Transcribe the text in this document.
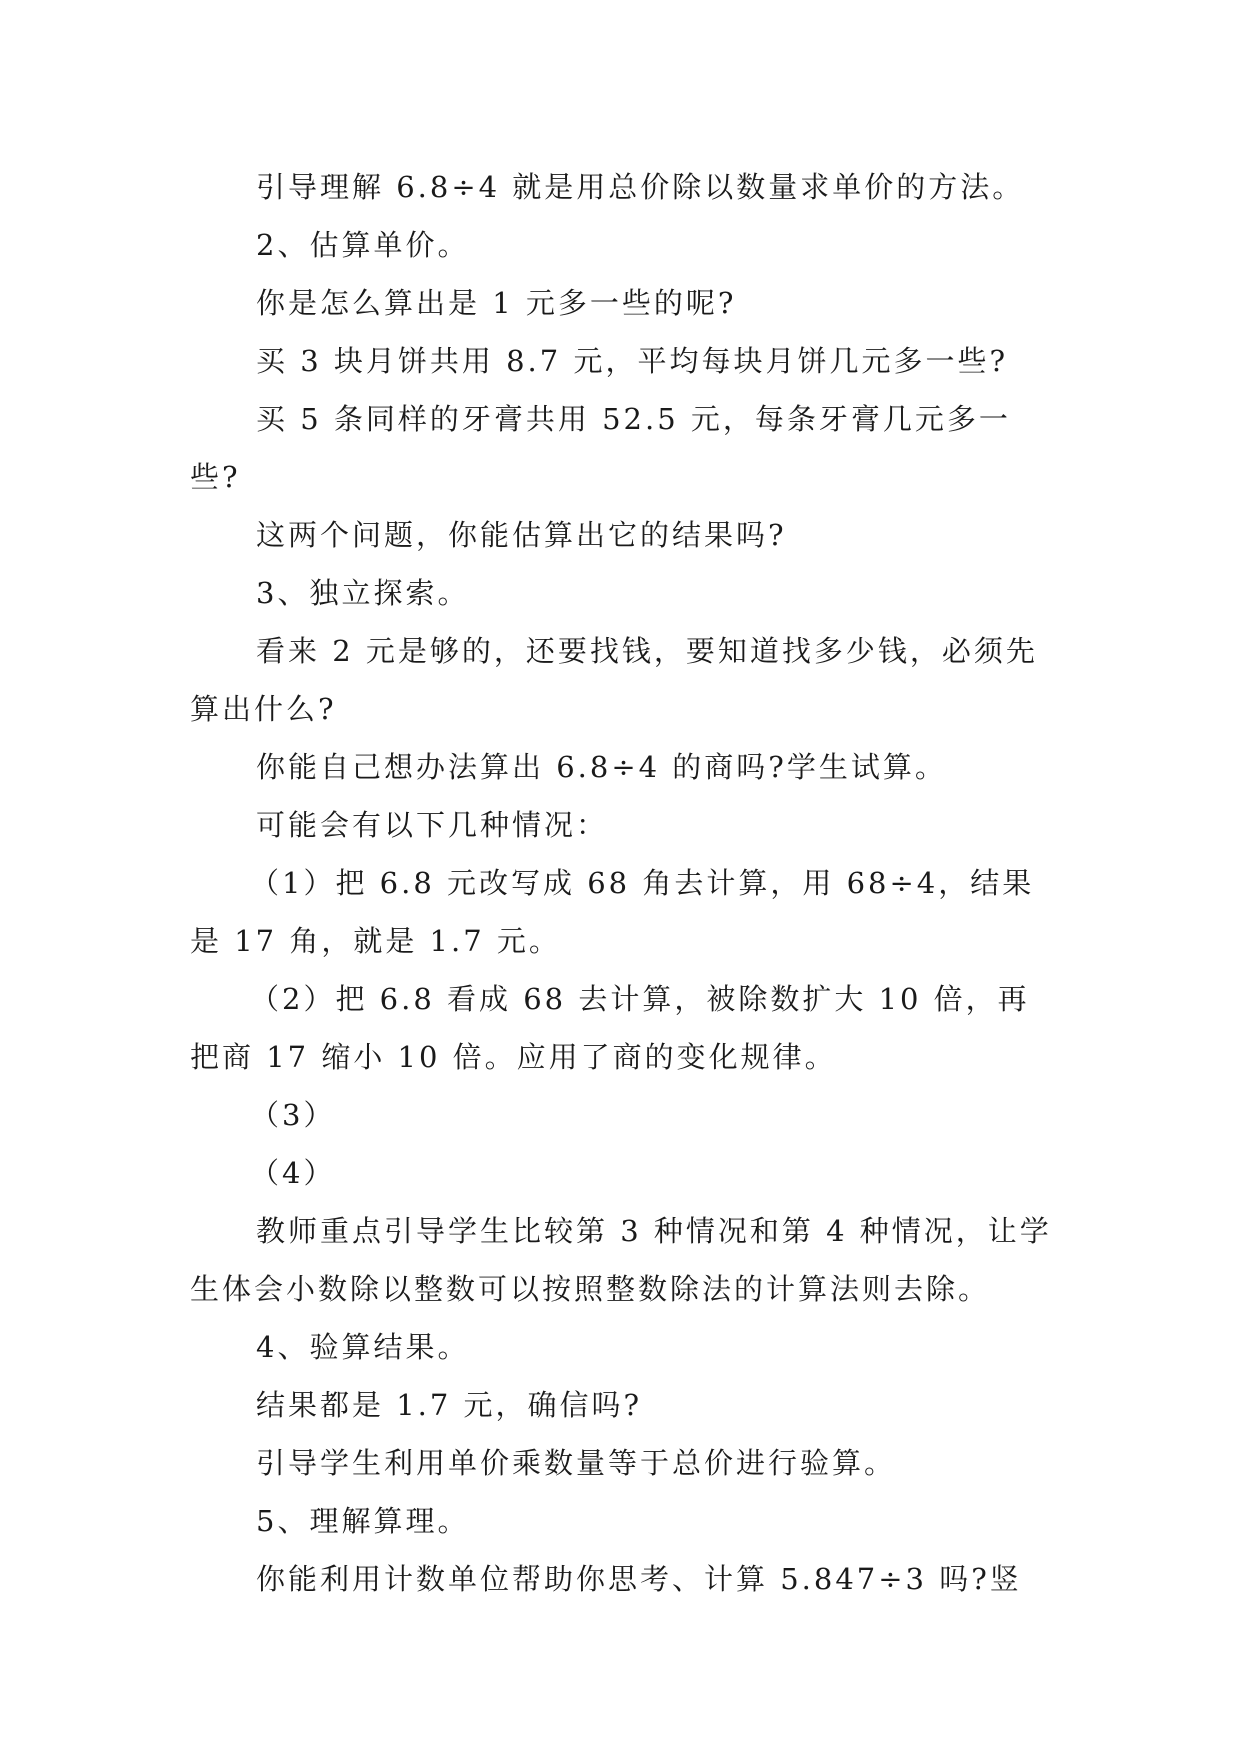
引导理解 6.8÷4 就是用总价除以数量求单价的方法。

2、估算单价。

你是怎么算出是 1 元多一些的呢?

买 3 块月饼共用 8.7 元，平均每块月饼几元多一些?

买 5 条同样的牙膏共用 52.5 元，每条牙膏几元多一些?

这两个问题，你能估算出它的结果吗?

3、独立探索。

看来 2 元是够的，还要找钱，要知道找多少钱，必须先算出什么?

你能自己想办法算出 6.8÷4 的商吗?学生试算。

可能会有以下几种情况：

（1）把 6.8 元改写成 68 角去计算，用 68÷4，结果是 17 角，就是 1.7 元。

（2）把 6.8 看成 68 去计算，被除数扩大 10 倍，再把商 17 缩小 10 倍。应用了商的变化规律。

（3）

（4）

教师重点引导学生比较第 3 种情况和第 4 种情况，让学生体会小数除以整数可以按照整数除法的计算法则去除。

4、验算结果。

结果都是 1.7 元，确信吗?

引导学生利用单价乘数量等于总价进行验算。

5、理解算理。

你能利用计数单位帮助你思考、计算 5.847÷3 吗?竖
